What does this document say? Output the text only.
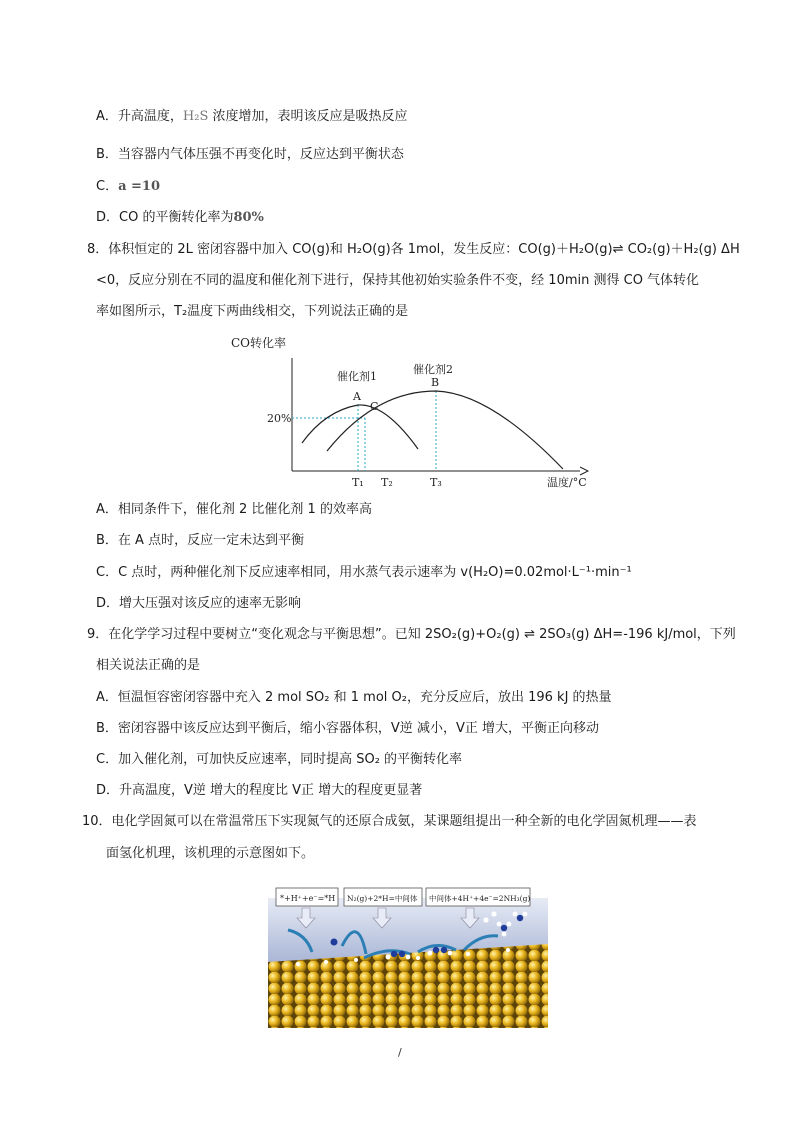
A．升高温度，H₂S 浓度增加，表明该反应是吸热反应
B．当容器内气体压强不再变化时，反应达到平衡状态
C．a =10
D．CO 的平衡转化率为80%
8．体积恒定的 2L 密闭容器中加入 CO(g)和 H₂O(g)各 1mol，发生反应：CO(g)＋H₂O(g)⇌ CO₂(g)＋H₂(g) ΔH
<0，反应分别在不同的温度和催化剂下进行，保持其他初始实验条件不变，经 10min 测得 CO 气体转化
率如图所示，T₂温度下两曲线相交，下列说法正确的是
CO转化率
温度/°C
20%
催化剂1
催化剂2
A
B
C
T₁ T₂	T₃
A．相同条件下，催化剂 2 比催化剂 1 的效率高
B．在 A 点时，反应一定未达到平衡
C．C 点时，两种催化剂下反应速率相同，用水蒸气表示速率为 v(H₂O)=0.02mol·L⁻¹·min⁻¹
D．增大压强对该反应的速率无影响
9．在化学学习过程中要树立“变化观念与平衡思想”。已知 2SO₂(g)+O₂(g) ⇌ 2SO₃(g) ΔH=-196 kJ/mol，下列
相关说法正确的是
A．恒温恒容密闭容器中充入 2 mol SO₂ 和 1 mol O₂，充分反应后，放出 196 kJ 的热量
B．密闭容器中该反应达到平衡后，缩小容器体积，V逆 减小，V正 增大，平衡正向移动
C．加入催化剂，可加快反应速率，同时提高 SO₂ 的平衡转化率
D．升高温度，V逆 增大的程度比 V正 增大的程度更显著
10．电化学固氮可以在常温常压下实现氮气的还原合成氨，某课题组提出一种全新的电化学固氮机理——表
面氢化机理，该机理的示意图如下。
*+H⁺+e⁻=*H N₂(g)+2*H=中间体 中间体+4H⁺+4e⁻=2NH₃(g)
/
